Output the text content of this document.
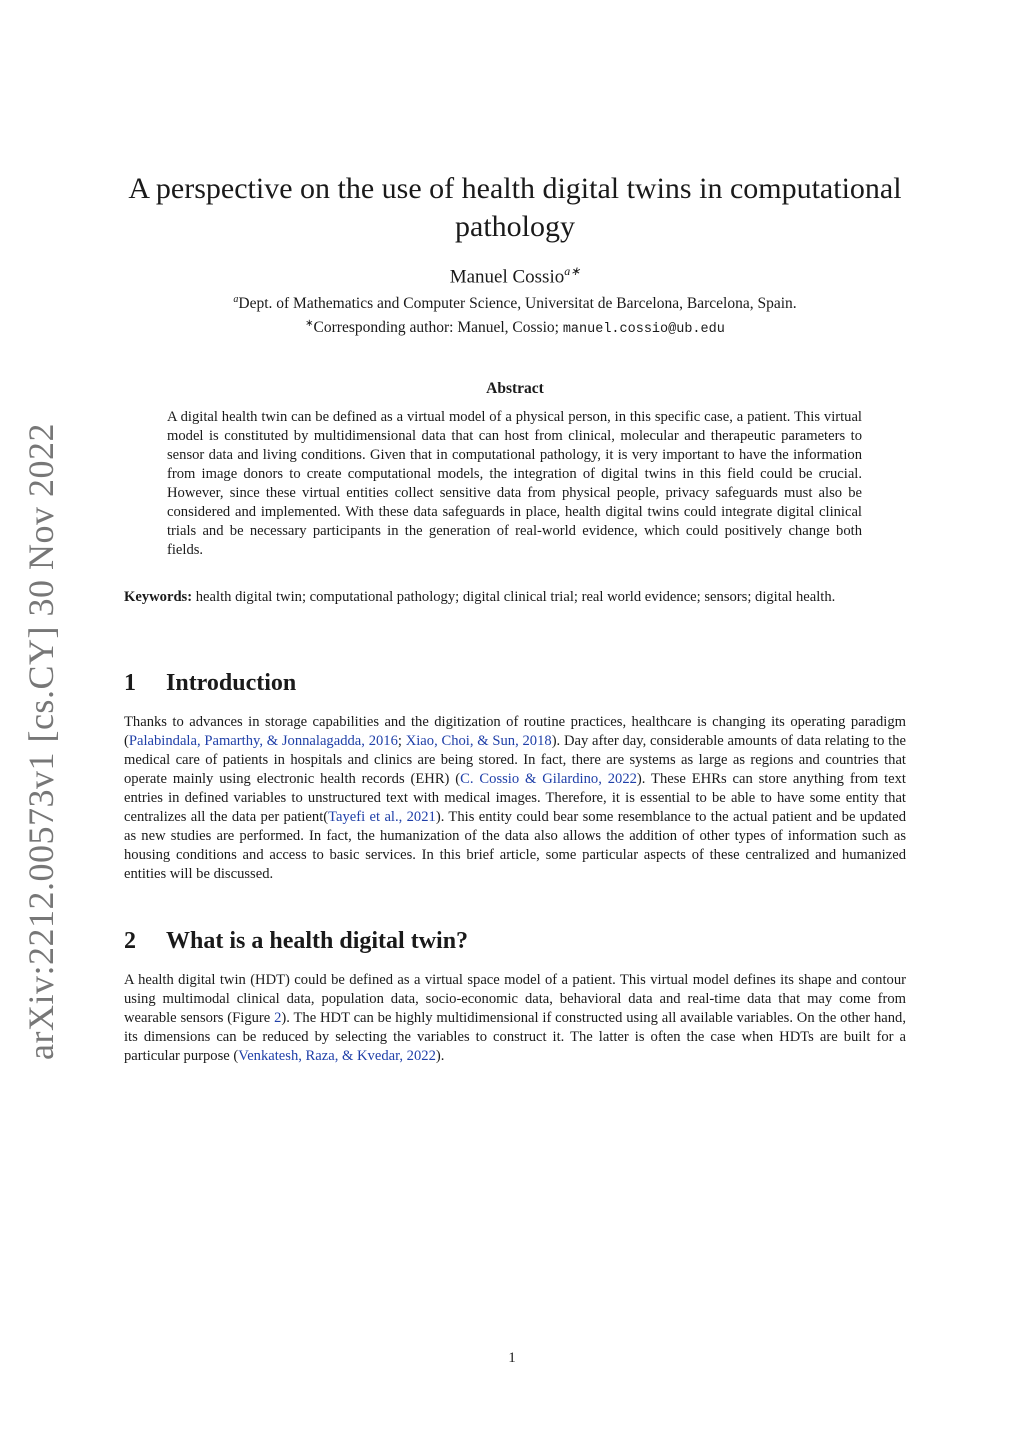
arXiv:2212.00573v1 [cs.CY] 30 Nov 2022
A perspective on the use of health digital twins in computational pathology
Manuel Cossio$^{a∗}$
$^a$Dept. of Mathematics and Computer Science, Universitat de Barcelona, Barcelona, Spain.
∗Corresponding author: Manuel, Cossio; manuel.cossio@ub.edu
Abstract

A digital health twin can be defined as a virtual model of a physical person, in this specific case, a patient. This virtual model is constituted by multidimensional data that can host from clinical, molecular and therapeutic parameters to sensor data and living conditions. Given that in computational pathology, it is very important to have the information from image donors to create computational models, the integration of digital twins in this field could be crucial. However, since these virtual entities collect sensitive data from physical people, privacy safeguards must also be considered and implemented. With these data safeguards in place, health digital twins could integrate digital clinical trials and be necessary participants in the generation of real-world evidence, which could positively change both fields.

Keywords: health digital twin; computational pathology; digital clinical trial; real world evidence; sensors; digital health.

1 Introduction

Thanks to advances in storage capabilities and the digitization of routine practices, healthcare is changing its operating paradigm (Palabindala, Pamarthy, & Jonnalagadda, 2016; Xiao, Choi, & Sun, 2018). Day after day, considerable amounts of data relating to the medical care of patients in hospitals and clinics are being stored. In fact, there are systems as large as regions and countries that operate mainly using electronic health records (EHR) (C. Cossio & Gilardino, 2022). These EHRs can store anything from text entries in defined variables to unstructured text with medical images. Therefore, it is essential to be able to have some entity that centralizes all the data per patient(Tayefi et al., 2021). This entity could bear some resemblance to the actual patient and be updated as new studies are performed. In fact, the humanization of the data also allows the addition of other types of information such as housing conditions and access to basic services. In this brief article, some particular aspects of these centralized and humanized entities will be discussed.

2 What is a health digital twin?

A health digital twin (HDT) could be defined as a virtual space model of a patient. This virtual model defines its shape and contour using multimodal clinical data, population data, socio-economic data, behavioral data and real-time data that may come from wearable sensors (Figure 2). The HDT can be highly multidimensional if constructed using all available variables. On the other hand, its dimensions can be reduced by selecting the variables to construct it. The latter is often the case when HDTs are built for a particular purpose (Venkatesh, Raza, & Kvedar, 2022).

1
